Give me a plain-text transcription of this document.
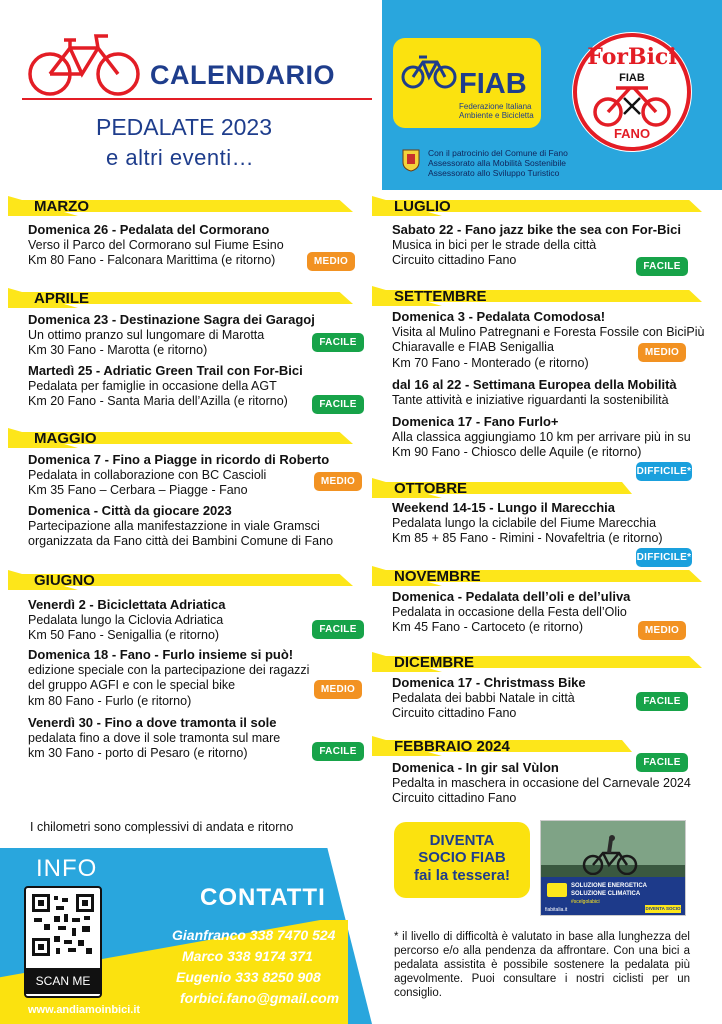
CALENDARIO
PEDALATE 2023
e altri eventi…
FIAB
Federazione Italiana
Ambiente e Bicicletta
ForBici
FIAB
FANO
Con il patrocinio del Comune di Fano
Assessorato alla Mobilità Sostenibile
Assessorato allo Sviluppo Turistico
MARZO
Domenica 26 - Pedalata del Cormorano
Verso il Parco del Cormorano sul Fiume Esino
Km 80 Fano - Falconara Marittima (e ritorno)	MEDIO
APRILE
Domenica 23 - Destinazione Sagra dei Garagoj
Un ottimo pranzo sul lungomare di Marotta
Km 30 Fano - Marotta (e ritorno)
FACILE
Martedì 25 - Adriatic Green Trail con For-Bici
Pedalata per famiglie in occasione della AGT
Km 20 Fano - Santa Maria dell’Azilla (e ritorno)	FACILE
MAGGIO
Domenica 7 - Fino a Piagge in ricordo di Roberto
Pedalata in collaborazione con BC Cascioli
Km 35 Fano – Cerbara – Piagge - Fano
MEDIO
Domenica - Città da giocare 2023
Partecipazione alla manifestazzione in viale Gramsci
organizzata da Fano città dei Bambini Comune di Fano
GIUGNO
Venerdì 2 - Biciclettata Adriatica
Pedalata lungo la Ciclovia Adriatica
Km 50 Fano - Senigallia (e ritorno)	FACILE
Domenica 18 - Fano - Furlo insieme si può!
edizione speciale con la partecipazione dei ragazzi
del gruppo AGFI e con le special bike
km 80 Fano - Furlo (e ritorno)
MEDIO
Venerdì 30 - Fino a dove tramonta il sole
pedalata fino a dove il sole tramonta sul mare
km 30 Fano - porto di Pesaro (e ritorno)	FACILE
I chilometri sono complessivi di andata e ritorno
LUGLIO
Sabato 22 - Fano jazz bike the sea con For-Bici
Musica in bici per le strade della città
Circuito cittadino Fano	FACILE
SETTEMBRE
Domenica 3 - Pedalata Comodosa!
Visita al Mulino Patregnani e Foresta Fossile con BiciPiù
Chiaravalle e FIAB Senigallia
Km 70 Fano - Monterado (e ritorno)
MEDIO
dal 16 al 22 - Settimana Europea della Mobilità
Tante attività e iniziative riguardanti la sostenibilità
Domenica 17 - Fano Furlo+
Alla classica aggiungiamo 10 km per arrivare più in su
Km 90 Fano - Chiosco delle Aquile (e ritorno)
DIFFICILE*
OTTOBRE
Weekend 14-15 - Lungo il Marecchia
Pedalata lungo la ciclabile del Fiume Marecchia
Km 85 + 85 Fano - Rimini - Novafeltria (e ritorno)
DIFFICILE*
NOVEMBRE
Domenica - Pedalata dell’oli e del’uliva
Pedalata in occasione della Festa dell’Olio
Km 45 Fano - Cartoceto (e ritorno)	MEDIO
DICEMBRE
Domenica 17 - Christmass Bike
Pedalata dei babbi Natale in città
Circuito cittadino Fano
FACILE
FEBBRAIO 2024
Domenica - In gir sal Vùlon
Pedalta in maschera in occasione del Carnevale 2024
Circuito cittadino Fano
FACILE
INFO
SCAN ME
www.andiamoinbici.it
CONTATTI
Gianfranco 338 7470 524
Marco 338 9174 371
Eugenio 333 8250 908
forbici.fano@gmail.com
DIVENTA
SOCIO FIAB
fai la tessera!
SOLUZIONE ENERGETICA
SOLUZIONE CLIMATICA
#scelgolabici
fiabitalia.it	DIVENTA SOCIO
* il livello di difficoltà è valutato in base alla lunghezza del percorso e/o alla pendenza da affrontare. Con una bici a pedalata assistita è possibile sostenere la pedalata più agevolmente. Puoi consultare i nostri ciclisti per un consiglio.
